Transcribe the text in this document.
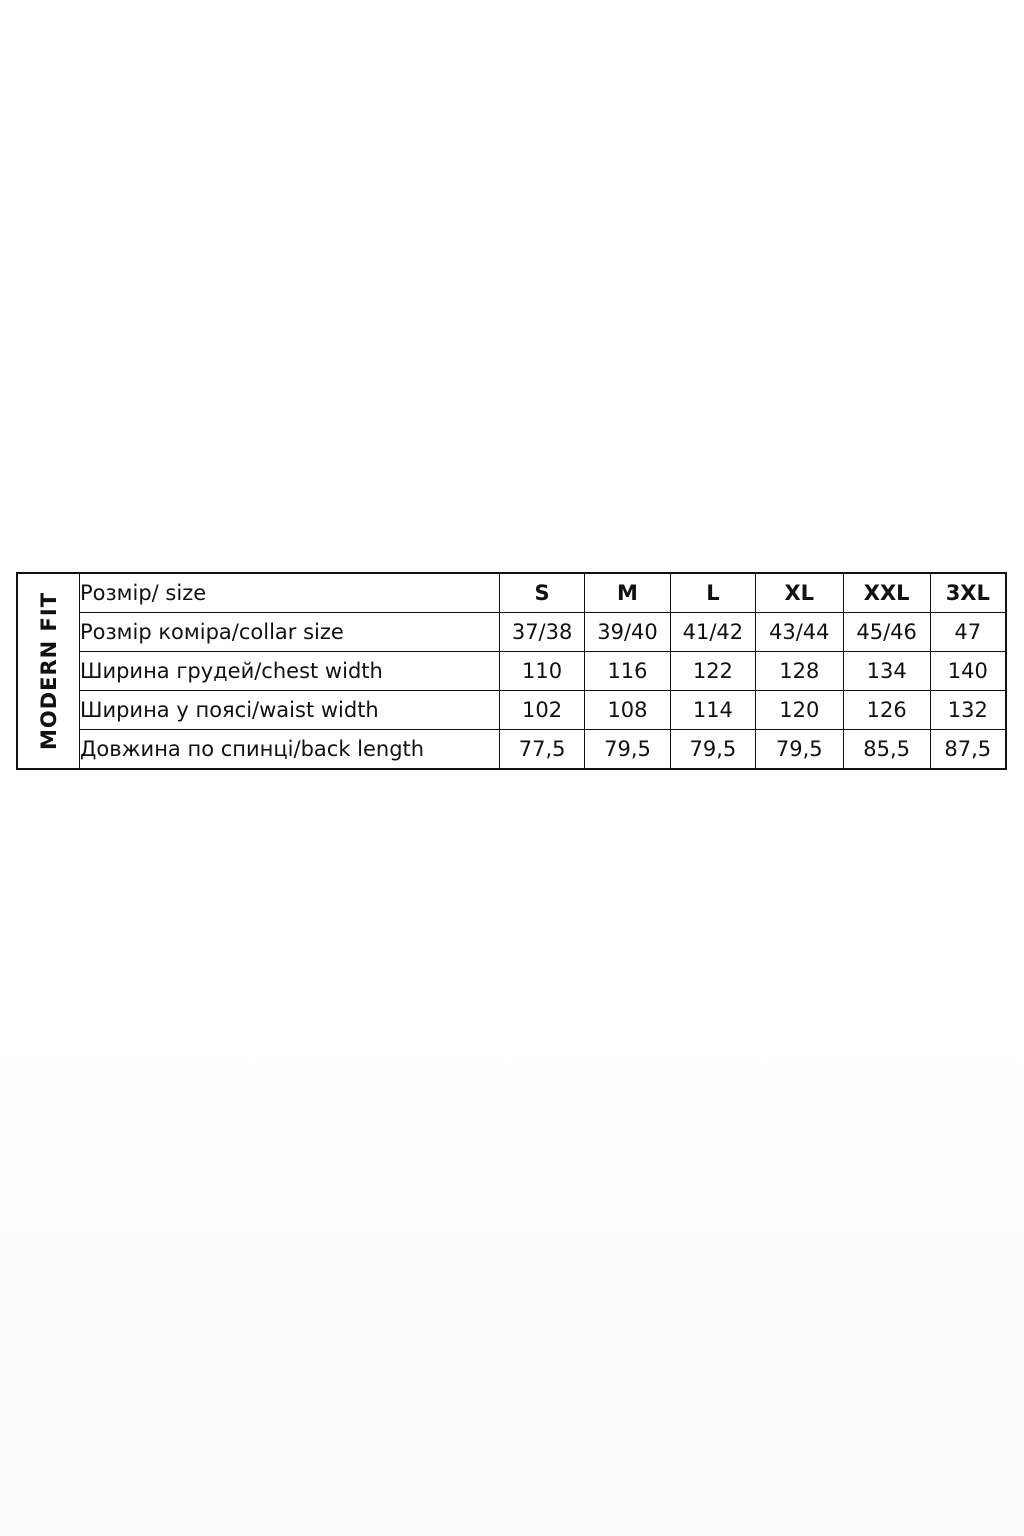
MODERN FIT Розмір/ size	S	M	L	XL	XXL	3XL
Розмір коміра/collar size	37/38	39/40	41/42	43/44	45/46	47
Ширина грудей/chest width	110	116	122	128	134	140
Ширина у поясі/waist width	102	108	114	120	126	132
Довжина по спинці/back length	77,5	79,5	79,5	79,5	85,5	87,5
